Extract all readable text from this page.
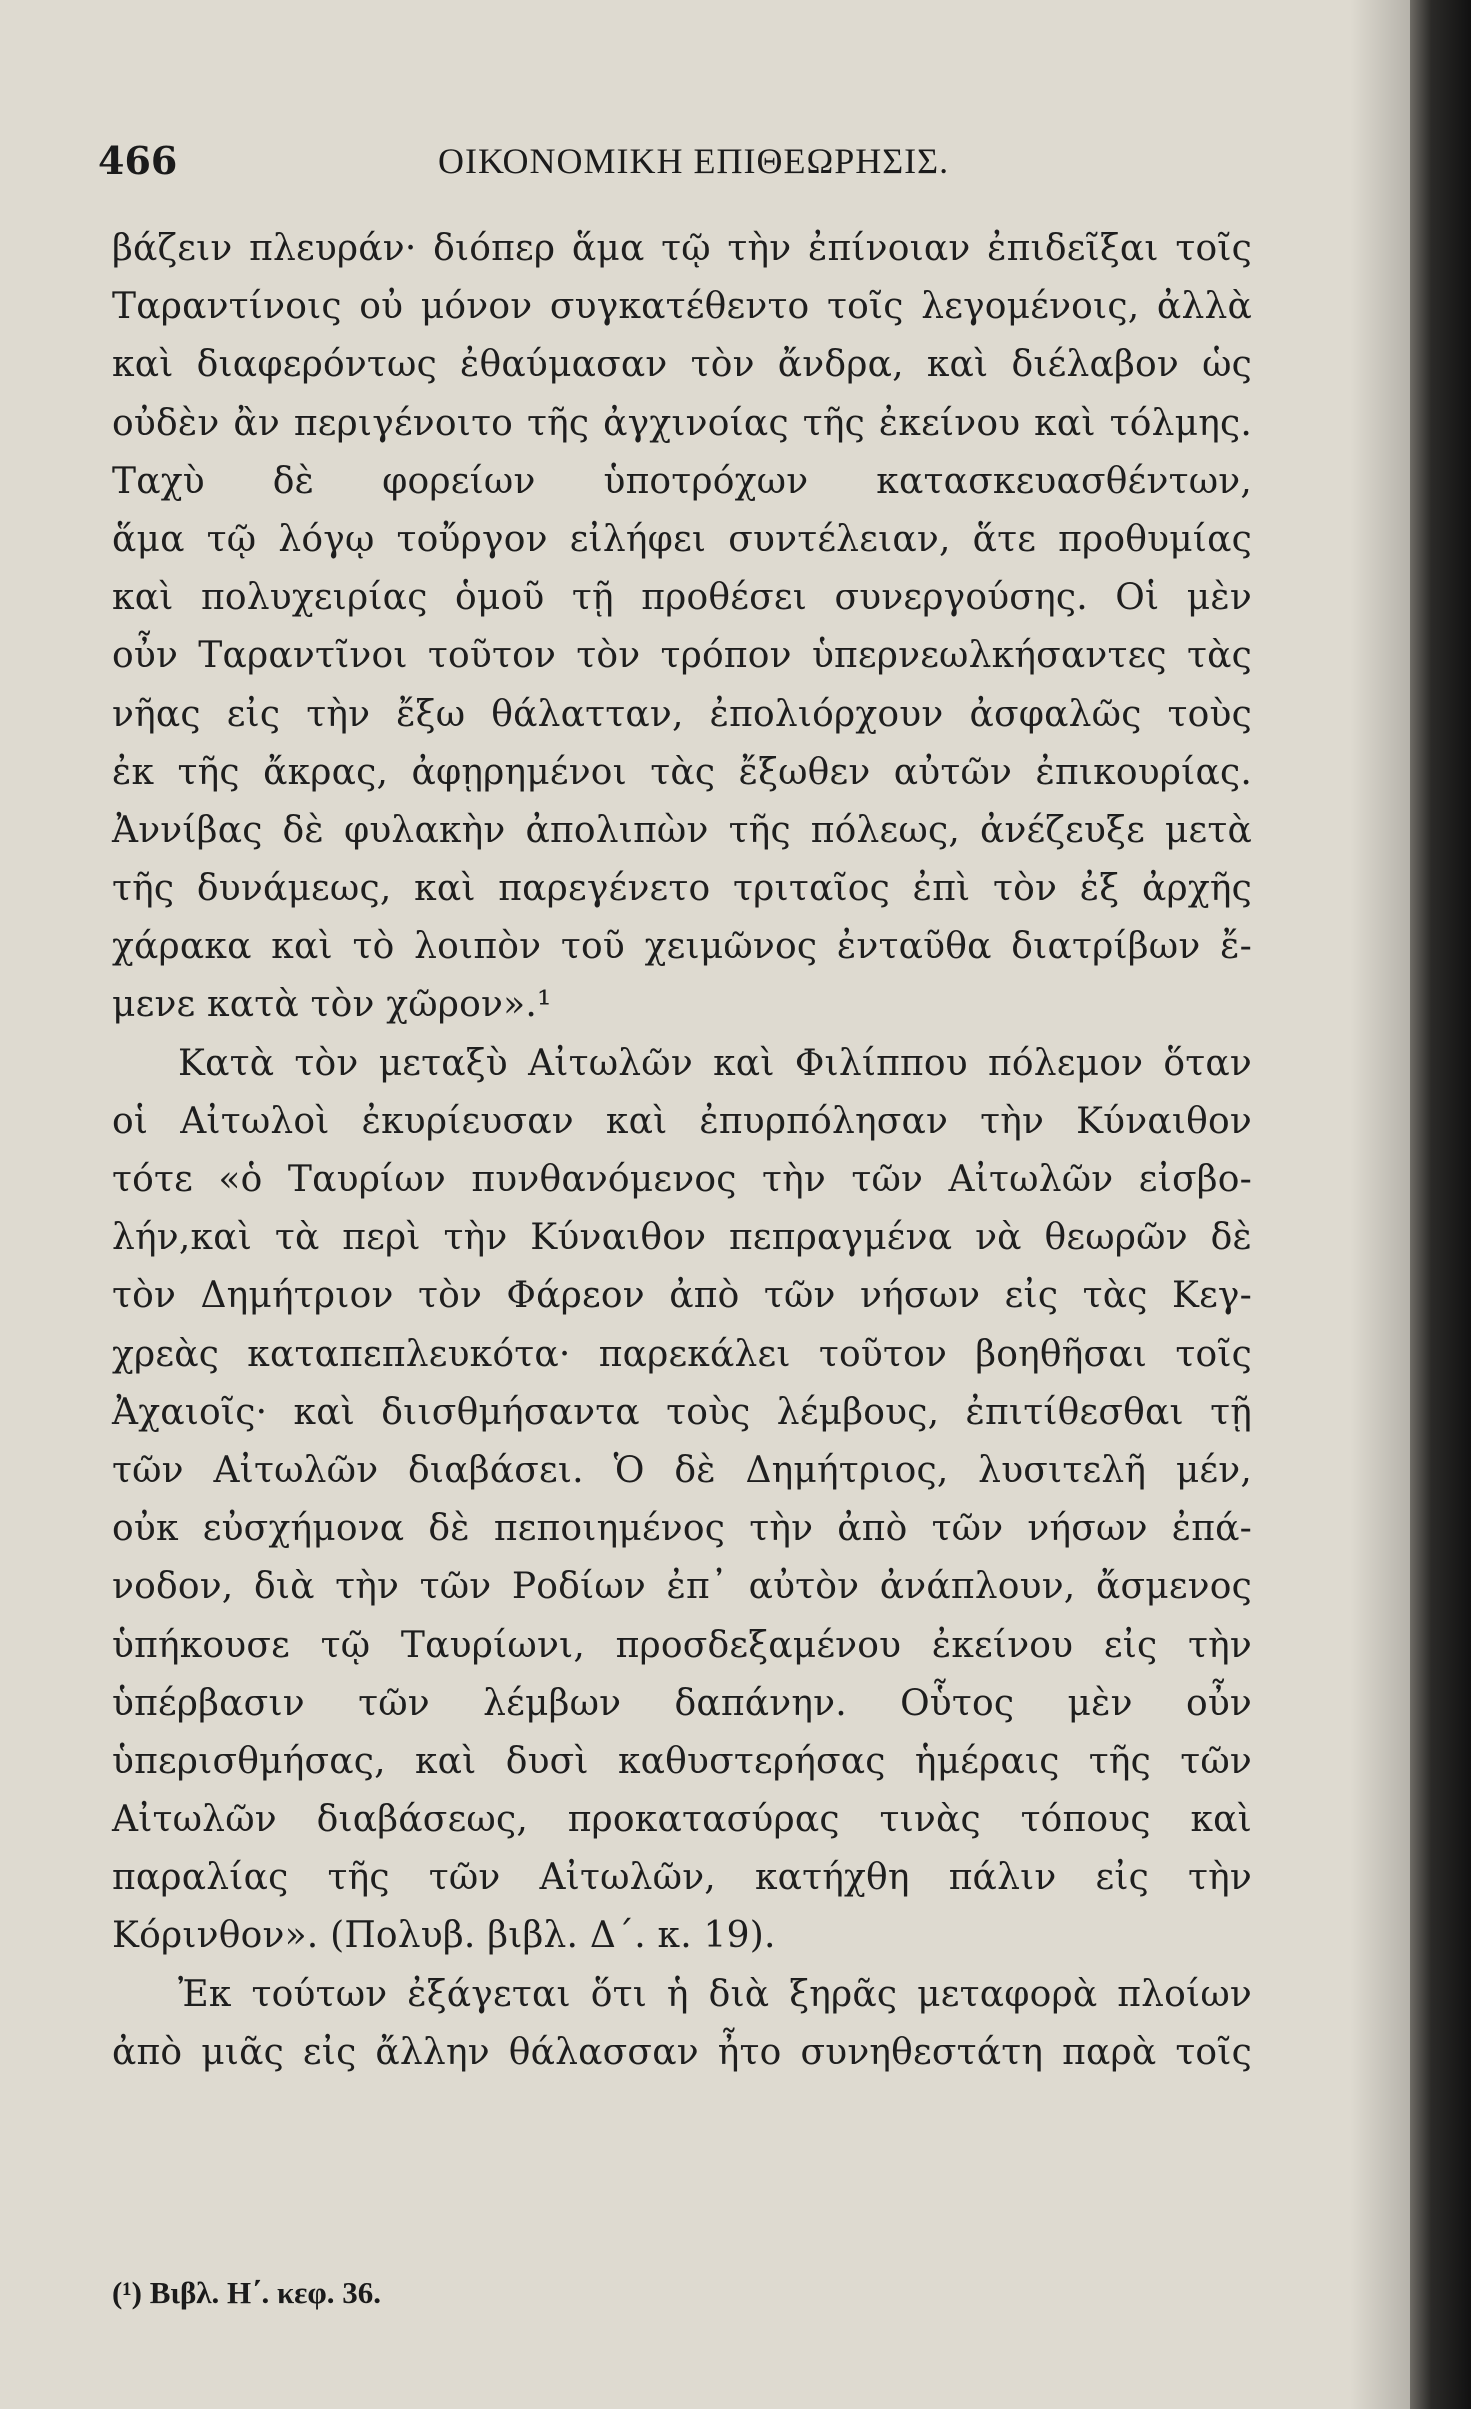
466	ΟΙΚΟΝΟΜΙΚΗ ΕΠΙΘΕΩΡΗΣΙΣ.
βάζειν πλευράν· διόπερ ἅμα τῷ τὴν ἐπίνοιαν ἐπιδεῖξαι τοῖς
Ταραντίνοις οὐ μόνον συγκατέθεντο τοῖς λεγομένοις, ἀλλὰ
καὶ διαφερόντως ἐθαύμασαν τὸν ἄνδρα, καὶ διέλαβον ὡς
οὐδὲν ἂν περιγένοιτο τῆς ἀγχινοίας τῆς ἐκείνου καὶ τόλμης.
Ταχὺ δὲ φορείων ὑποτρόχων κατασκευασθέντων,
ἅμα τῷ λόγῳ τοὔργον εἰλήφει συντέλειαν, ἅτε προθυμίας
καὶ πολυχειρίας ὁμοῦ τῇ προθέσει συνεργούσης. Οἱ μὲν
οὖν Ταραντῖνοι τοῦτον τὸν τρόπον ὑπερνεωλκήσαντες τὰς
νῆας εἰς τὴν ἔξω θάλατταν, ἐπολιόρχουν ἀσφαλῶς τοὺς
ἐκ τῆς ἄκρας, ἀφῃρημένοι τὰς ἔξωθεν αὐτῶν ἐπικουρίας.
Ἀννίβας δὲ φυλακὴν ἀπολιπὼν τῆς πόλεως, ἀνέζευξε μετὰ
τῆς δυνάμεως, καὶ παρεγένετο τριταῖος ἐπὶ τὸν ἐξ ἀρχῆς
χάρακα καὶ τὸ λοιπὸν τοῦ χειμῶνος ἐνταῦθα διατρίβων ἔ-
μενε κατὰ τὸν χῶρον».¹
Κατὰ τὸν μεταξὺ Αἰτωλῶν καὶ Φιλίππου πόλεμον ὅταν
οἱ Αἰτωλοὶ ἐκυρίευσαν καὶ ἐπυρπόλησαν τὴν Κύναιθον
τότε «ὁ Ταυρίων πυνθανόμενος τὴν τῶν Αἰτωλῶν εἰσβο-
λήν,καὶ τὰ περὶ τὴν Κύναιθον πεπραγμένα νὰ θεωρῶν δὲ
τὸν Δημήτριον τὸν Φάρεον ἀπὸ τῶν νήσων εἰς τὰς Κεγ-
χρεὰς καταπεπλευκότα· παρεκάλει τοῦτον βοηθῆσαι τοῖς
Ἀχαιοῖς· καὶ διισθμήσαντα τοὺς λέμβους, ἐπιτίθεσθαι τῇ
τῶν Αἰτωλῶν διαβάσει. Ὁ δὲ Δημήτριος, λυσιτελῆ μέν,
οὐκ εὐσχήμονα δὲ πεποιημένος τὴν ἀπὸ τῶν νήσων ἐπά-
νοδον, διὰ τὴν τῶν Ροδίων ἐπ᾿ αὐτὸν ἀνάπλουν, ἄσμενος
ὑπήκουσε τῷ Ταυρίωνι, προσδεξαμένου ἐκείνου εἰς τὴν
ὑπέρβασιν τῶν λέμβων δαπάνην. Οὗτος μὲν οὖν
ὑπερισθμήσας, καὶ δυσὶ καθυστερήσας ἡμέραις τῆς τῶν
Αἰτωλῶν διαβάσεως, προκατασύρας τινὰς τόπους καὶ
παραλίας τῆς τῶν Αἰτωλῶν, κατήχθη πάλιν εἰς τὴν
Κόρινθον». (Πολυβ. βιβλ. Δ΄. κ. 19).
Ἐκ τούτων ἐξάγεται ὅτι ἡ διὰ ξηρᾶς μεταφορὰ πλοίων
ἀπὸ μιᾶς εἰς ἄλλην θάλασσαν ἦτο συνηθεστάτη παρὰ τοῖς
(¹) Βιβλ. Η΄. κεφ. 36.
